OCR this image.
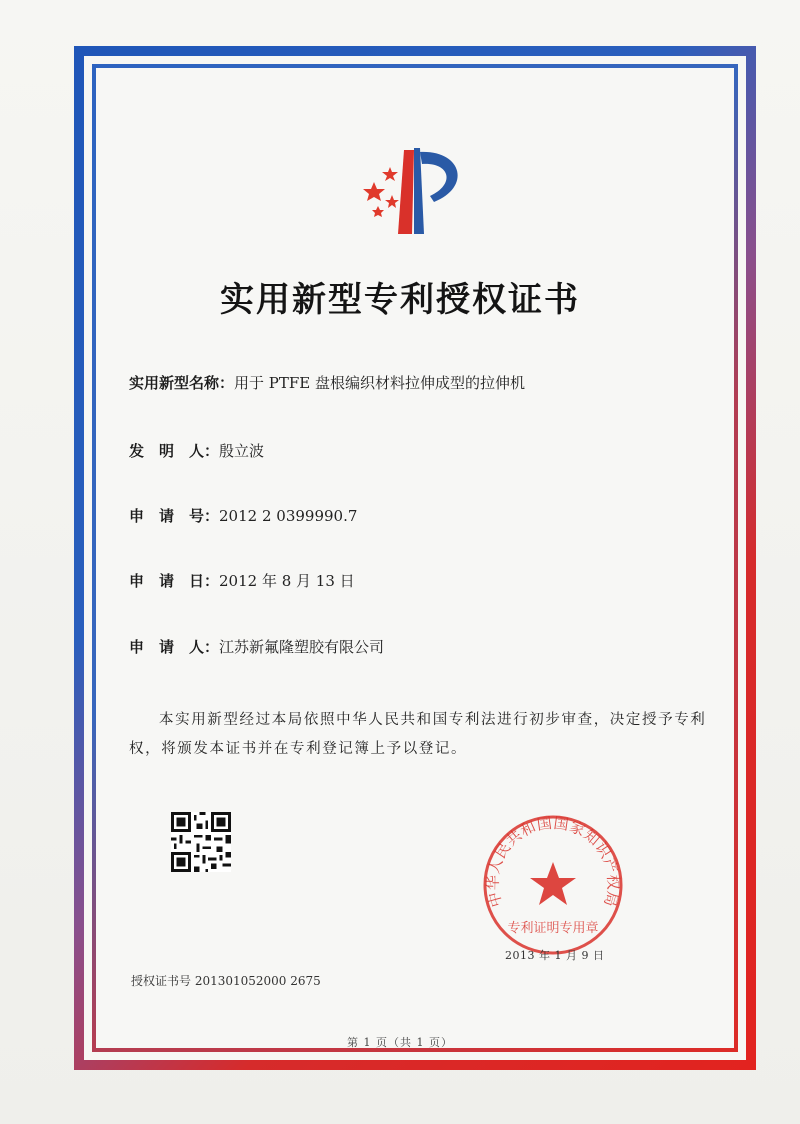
实用新型专利授权证书
实用新型名称：用于 PTFE 盘根编织材料拉伸成型的拉伸机
发　明　人：殷立波
申　请　号：2012 2 0399990.7
申　请　日：2012 年 8 月 13 日
申　请　人：江苏新氟隆塑胶有限公司
本实用新型经过本局依照中华人民共和国专利法进行初步审查，决定授予专利权，将颁发本证书并在专利登记簿上予以登记。
中华人民共和国国家知识产权局
专利证明专用章
2013 年 1 月 9 日
授权证书号 201301052000 2675
第 1 页（共 1 页）
